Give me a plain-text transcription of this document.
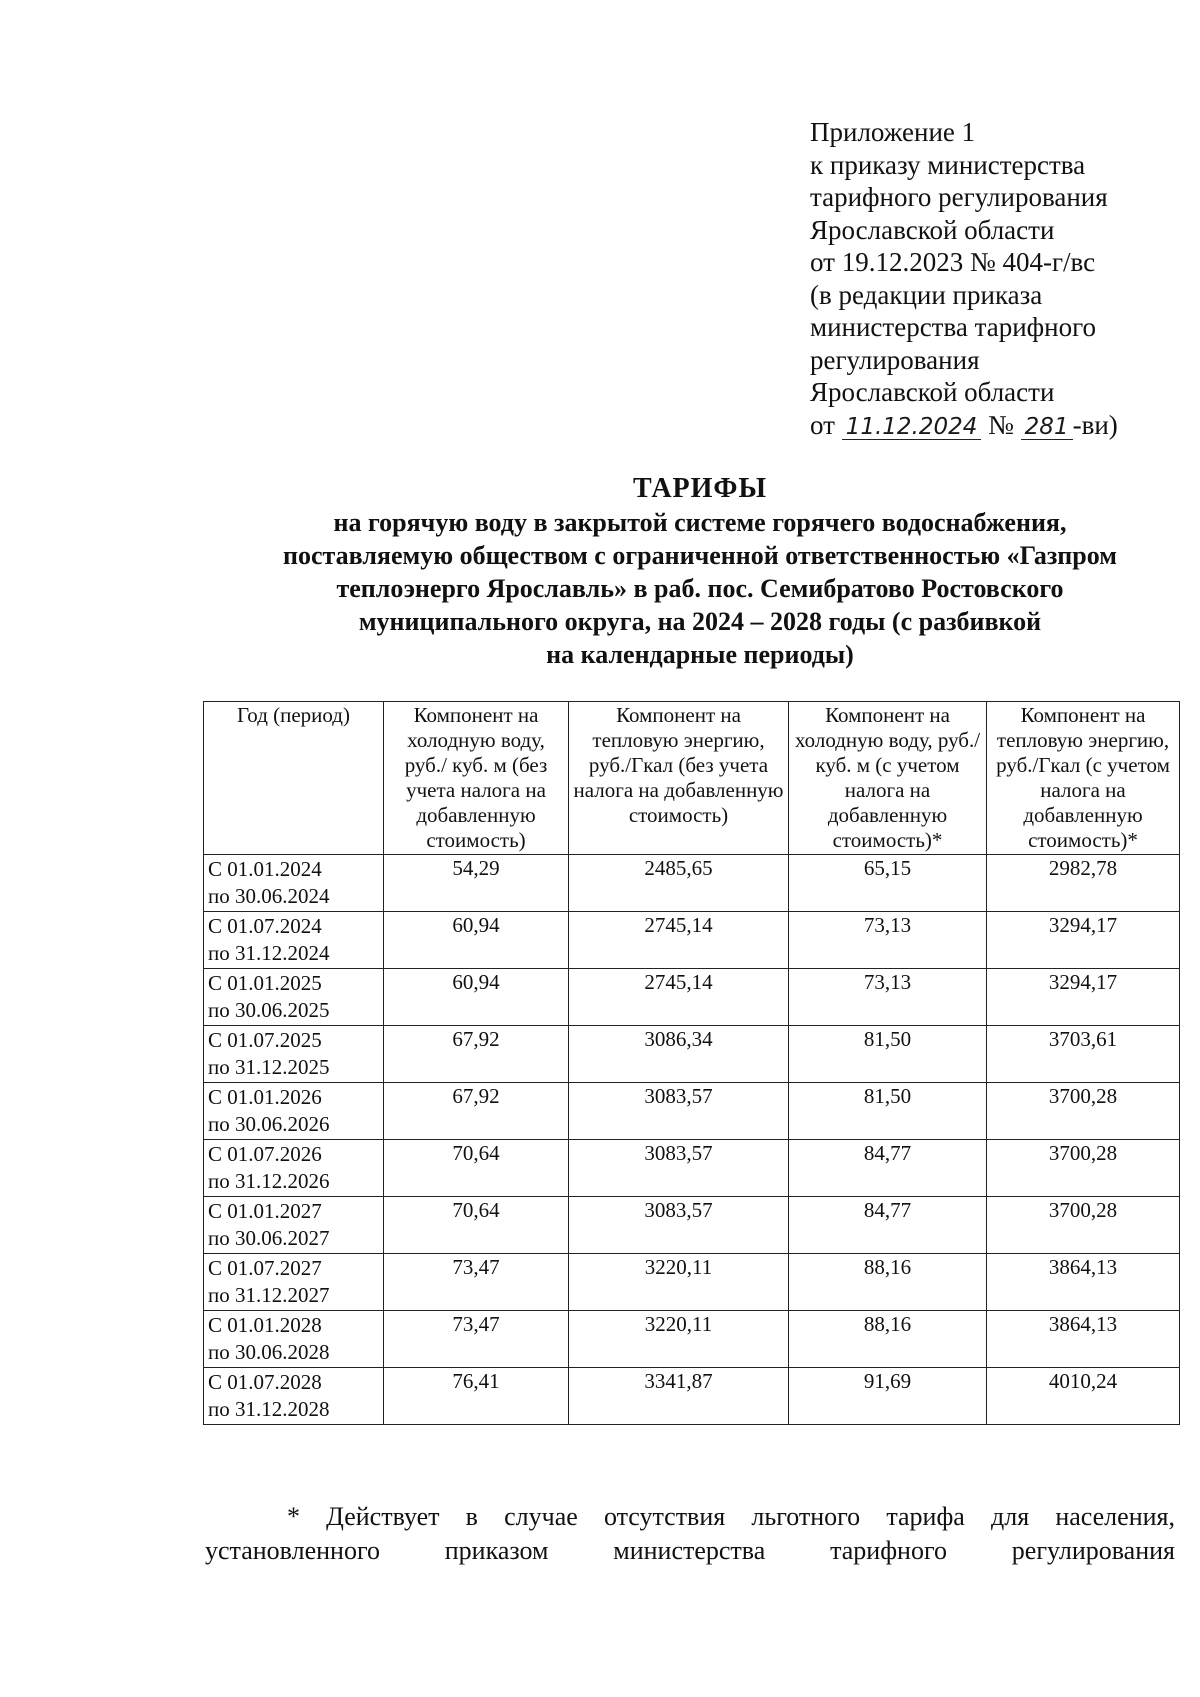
Приложение 1
к приказу министерства
тарифного регулирования
Ярославской области
от 19.12.2023 № 404-г/вс
(в редакции приказа
министерства тарифного
регулирования
Ярославской области
от 11.12.2024 № 281 -ви)
ТАРИФЫ
на горячую воду в закрытой системе горячего водоснабжения,
поставляемую обществом с ограниченной ответственностью «Газпром
теплоэнерго Ярославль» в раб. пос. Семибратово Ростовского
муниципального округа, на 2024 – 2028 годы (с разбивкой
на календарные периоды)
Год (период)	Компонент на холодную воду, руб./ куб. м (без учета налога на добавленную стоимость)	Компонент на тепловую энергию, руб./Гкал (без учета налога на добавленную стоимость)	Компонент на холодную воду, руб./ куб. м (с учетом налога на добавленную стоимость)*	Компонент на тепловую энергию, руб./Гкал (с учетом налога на добавленную стоимость)*

С 01.01.2024
по 30.06.2024	54,29	2485,65	65,15	2982,78

С 01.07.2024
по 31.12.2024	60,94	2745,14	73,13	3294,17

С 01.01.2025
по 30.06.2025	60,94	2745,14	73,13	3294,17

С 01.07.2025
по 31.12.2025	67,92	3086,34	81,50	3703,61

С 01.01.2026
по 30.06.2026	67,92	3083,57	81,50	3700,28

С 01.07.2026
по 31.12.2026	70,64	3083,57	84,77	3700,28

С 01.01.2027
по 30.06.2027	70,64	3083,57	84,77	3700,28

С 01.07.2027
по 31.12.2027	73,47	3220,11	88,16	3864,13

С 01.01.2028
по 30.06.2028	73,47	3220,11	88,16	3864,13

С 01.07.2028
по 31.12.2028	76,41	3341,87	91,69	4010,24
* Действует в случае отсутствия льготного тарифа для населения,
установленного приказом министерства тарифного регулирования
